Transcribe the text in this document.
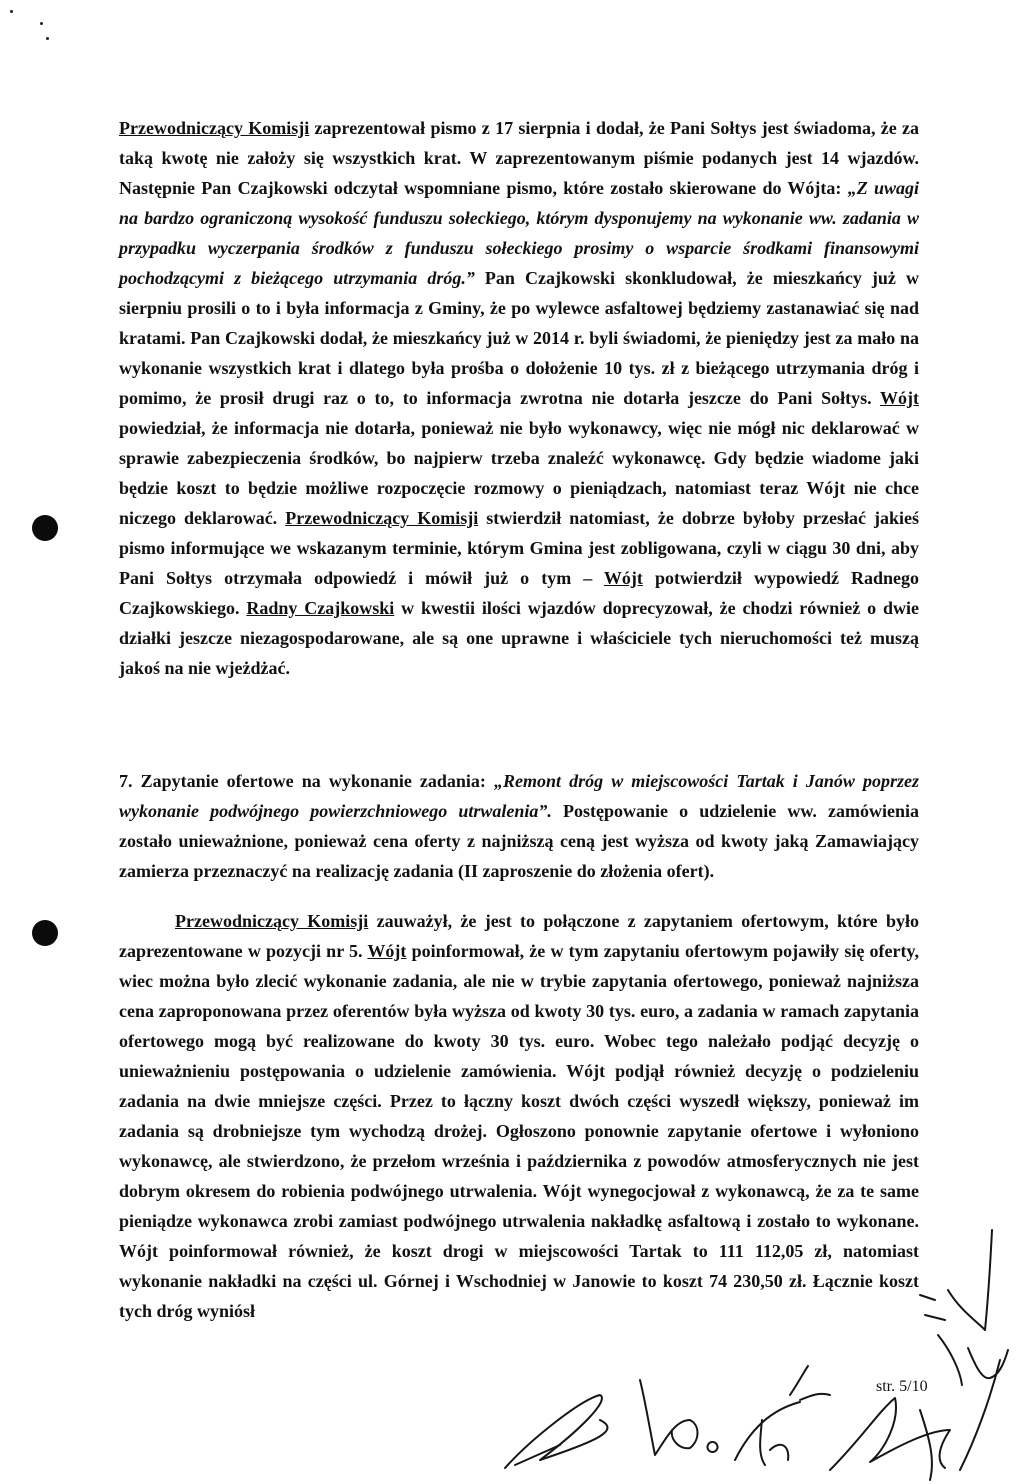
Przewodniczący Komisji zaprezentował pismo z 17 sierpnia i dodał, że Pani Sołtys jest świadoma, że za taką kwotę nie założy się wszystkich krat. W zaprezentowanym piśmie podanych jest 14 wjazdów. Następnie Pan Czajkowski odczytał wspomniane pismo, które zostało skierowane do Wójta: „Z uwagi na bardzo ograniczoną wysokość funduszu sołeckiego, którym dysponujemy na wykonanie ww. zadania w przypadku wyczerpania środków z funduszu sołeckiego prosimy o wsparcie środkami finansowymi pochodzącymi z bieżącego utrzymania dróg.” Pan Czajkowski skonkludował, że mieszkańcy już w sierpniu prosili o to i była informacja z Gminy, że po wylewce asfaltowej będziemy zastanawiać się nad kratami. Pan Czajkowski dodał, że mieszkańcy już w 2014 r. byli świadomi, że pieniędzy jest za mało na wykonanie wszystkich krat i dlatego była prośba o dołożenie 10 tys. zł z bieżącego utrzymania dróg i pomimo, że prosił drugi raz o to, to informacja zwrotna nie dotarła jeszcze do Pani Sołtys. Wójt powiedział, że informacja nie dotarła, ponieważ nie było wykonawcy, więc nie mógł nic deklarować w sprawie zabezpieczenia środków, bo najpierw trzeba znaleźć wykonawcę. Gdy będzie wiadome jaki będzie koszt to będzie możliwe rozpoczęcie rozmowy o pieniądzach, natomiast teraz Wójt nie chce niczego deklarować. Przewodniczący Komisji stwierdził natomiast, że dobrze byłoby przesłać jakieś pismo informujące we wskazanym terminie, którym Gmina jest zobligowana, czyli w ciągu 30 dni, aby Pani Sołtys otrzymała odpowiedź i mówił już o tym – Wójt potwierdził wypowiedź Radnego Czajkowskiego. Radny Czajkowski w kwestii ilości wjazdów doprecyzował, że chodzi również o dwie działki jeszcze niezagospodarowane, ale są one uprawne i właściciele tych nieruchomości też muszą jakoś na nie wjeżdżać.

7. Zapytanie ofertowe na wykonanie zadania: „Remont dróg w miejscowości Tartak i Janów poprzez wykonanie podwójnego powierzchniowego utrwalenia”. Postępowanie o udzielenie ww. zamówienia zostało unieważnione, ponieważ cena oferty z najniższą ceną jest wyższa od kwoty jaką Zamawiający zamierza przeznaczyć na realizację zadania (II zaproszenie do złożenia ofert).

Przewodniczący Komisji zauważył, że jest to połączone z zapytaniem ofertowym, które było zaprezentowane w pozycji nr 5. Wójt poinformował, że w tym zapytaniu ofertowym pojawiły się oferty, wiec można było zlecić wykonanie zadania, ale nie w trybie zapytania ofertowego, ponieważ najniższa cena zaproponowana przez oferentów była wyższa od kwoty 30 tys. euro, a zadania w ramach zapytania ofertowego mogą być realizowane do kwoty 30 tys. euro. Wobec tego należało podjąć decyzję o unieważnieniu postępowania o udzielenie zamówienia. Wójt podjął również decyzję o podzieleniu zadania na dwie mniejsze części. Przez to łączny koszt dwóch części wyszedł większy, ponieważ im zadania są drobniejsze tym wychodzą drożej. Ogłoszono ponownie zapytanie ofertowe i wyłoniono wykonawcę, ale stwierdzono, że przełom września i października z powodów atmosferycznych nie jest dobrym okresem do robienia podwójnego utrwalenia. Wójt wynegocjował z wykonawcą, że za te same pieniądze wykonawca zrobi zamiast podwójnego utrwalenia nakładkę asfaltową i zostało to wykonane. Wójt poinformował również, że koszt drogi w miejscowości Tartak to 111 112,05 zł, natomiast wykonanie nakładki na części ul. Górnej i Wschodniej w Janowie to koszt 74 230,50 zł. Łącznie koszt tych dróg wyniósł

str. 5/10
